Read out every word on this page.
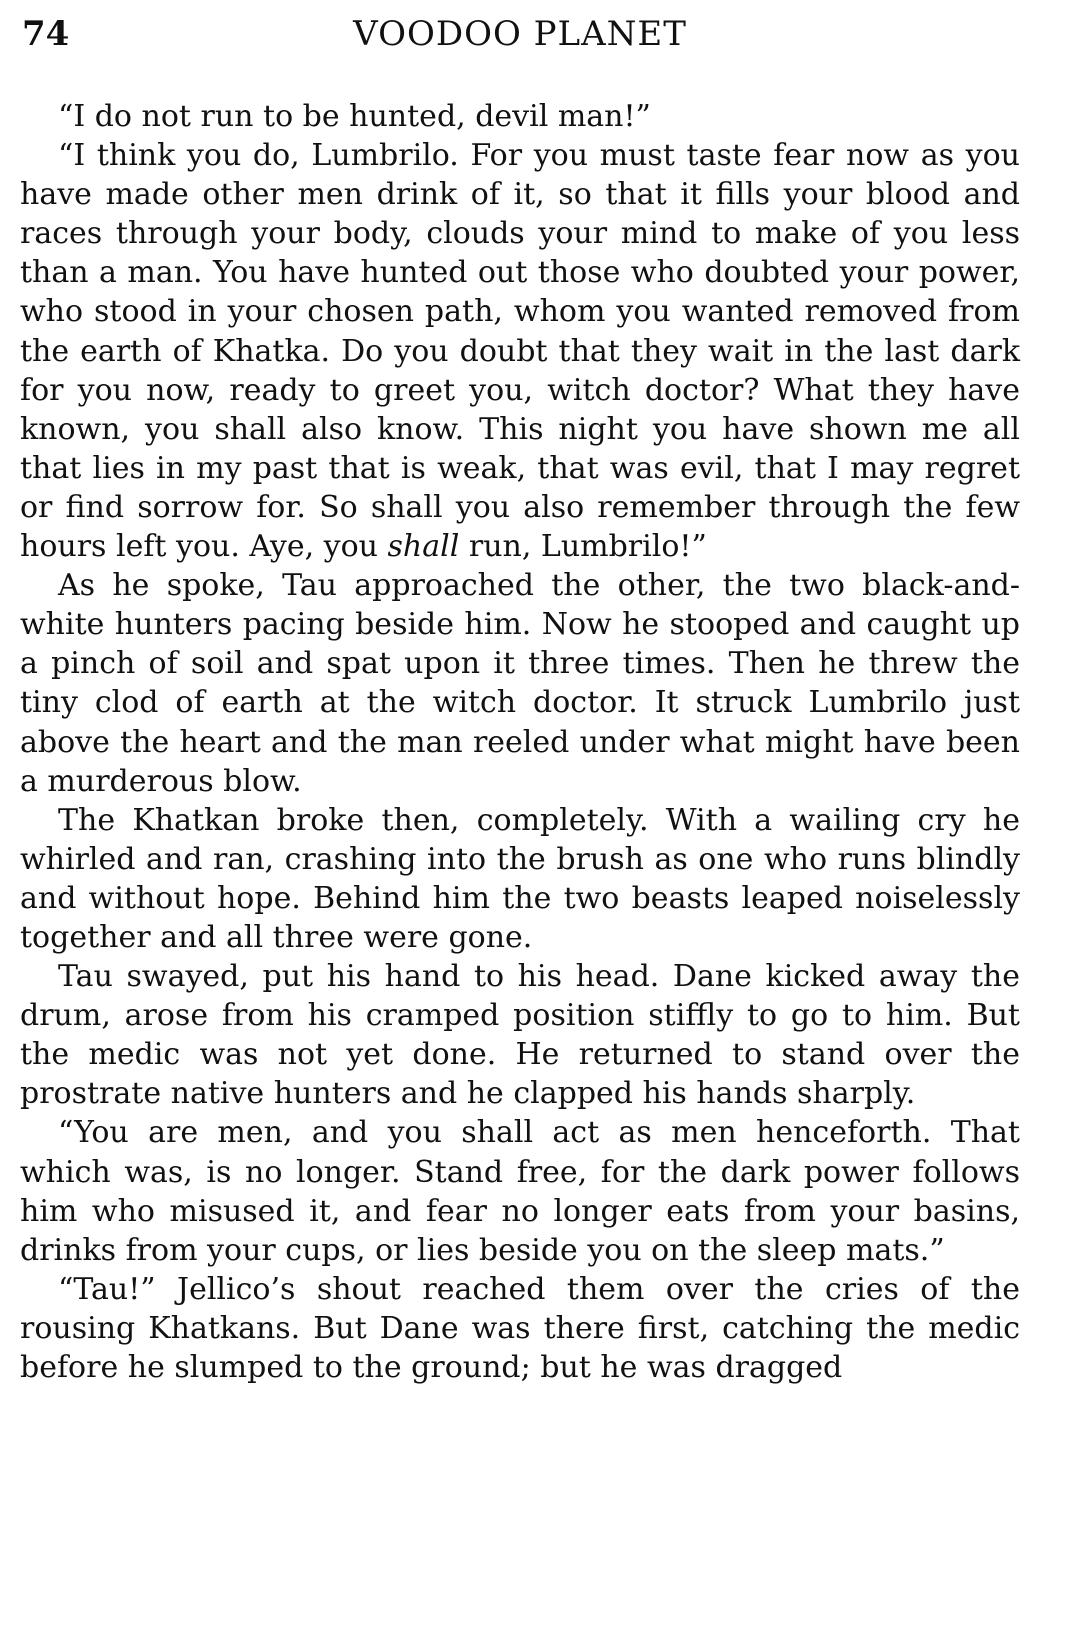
74	VOODOO PLANET

“I do not run to be hunted, devil man!”

“I think you do, Lumbrilo. For you must taste fear now as you have made other men drink of it, so that it fills your blood and races through your body, clouds your mind to make of you less than a man. You have hunted out those who doubted your power, who stood in your chosen path, whom you wanted removed from the earth of Khatka. Do you doubt that they wait in the last dark for you now, ready to greet you, witch doctor? What they have known, you shall also know. This night you have shown me all that lies in my past that is weak, that was evil, that I may regret or find sorrow for. So shall you also remember through the few hours left you. Aye, you shall run, Lumbrilo!”

As he spoke, Tau approached the other, the two black-and-white hunters pacing beside him. Now he stooped and caught up a pinch of soil and spat upon it three times. Then he threw the tiny clod of earth at the witch doctor. It struck Lumbrilo just above the heart and the man reeled under what might have been a murderous blow.

The Khatkan broke then, completely. With a wailing cry he whirled and ran, crashing into the brush as one who runs blindly and without hope. Behind him the two beasts leaped noiselessly together and all three were gone.

Tau swayed, put his hand to his head. Dane kicked away the drum, arose from his cramped position stiffly to go to him. But the medic was not yet done. He returned to stand over the prostrate native hunters and he clapped his hands sharply.

“You are men, and you shall act as men henceforth. That which was, is no longer. Stand free, for the dark power follows him who misused it, and fear no longer eats from your basins, drinks from your cups, or lies beside you on the sleep mats.”

“Tau!” Jellico’s shout reached them over the cries of the rousing Khatkans. But Dane was there first, catching the medic before he slumped to the ground; but he was dragged
